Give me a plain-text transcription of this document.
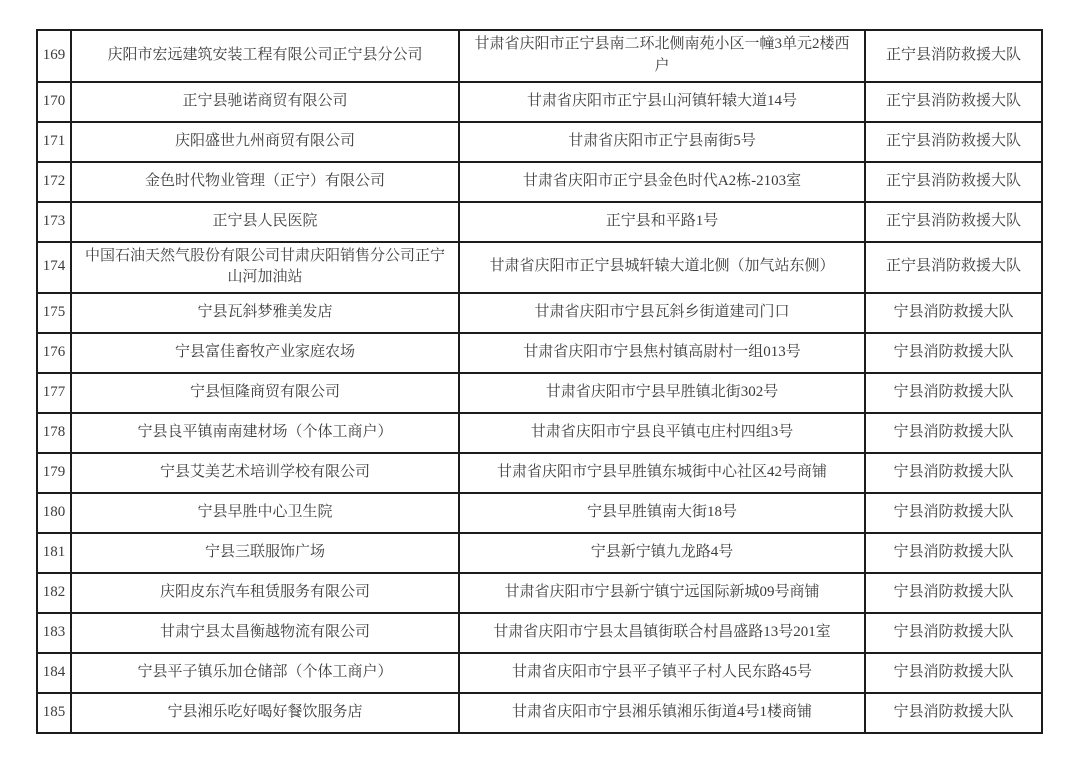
169	庆阳市宏远建筑安装工程有限公司正宁县分公司	甘肃省庆阳市正宁县南二环北侧南苑小区一幢3单元2楼西户	正宁县消防救援大队
170	正宁县驰诺商贸有限公司	甘肃省庆阳市正宁县山河镇轩辕大道14号	正宁县消防救援大队
171	庆阳盛世九州商贸有限公司	甘肃省庆阳市正宁县南街5号	正宁县消防救援大队
172	金色时代物业管理（正宁）有限公司	甘肃省庆阳市正宁县金色时代A2栋-2103室	正宁县消防救援大队
173	正宁县人民医院	正宁县和平路1号	正宁县消防救援大队
174	中国石油天然气股份有限公司甘肃庆阳销售分公司正宁山河加油站	甘肃省庆阳市正宁县城轩辕大道北侧（加气站东侧）	正宁县消防救援大队
175	宁县瓦斜梦雅美发店	甘肃省庆阳市宁县瓦斜乡街道建司门口	宁县消防救援大队
176	宁县富佳畜牧产业家庭农场	甘肃省庆阳市宁县焦村镇高尉村一组013号	宁县消防救援大队
177	宁县恒隆商贸有限公司	甘肃省庆阳市宁县早胜镇北街302号	宁县消防救援大队
178	宁县良平镇南南建材场（个体工商户）	甘肃省庆阳市宁县良平镇屯庄村四组3号	宁县消防救援大队
179	宁县艾美艺术培训学校有限公司	甘肃省庆阳市宁县早胜镇东城街中心社区42号商铺	宁县消防救援大队
180	宁县早胜中心卫生院	宁县早胜镇南大街18号	宁县消防救援大队
181	宁县三联服饰广场	宁县新宁镇九龙路4号	宁县消防救援大队
182	庆阳皮东汽车租赁服务有限公司	甘肃省庆阳市宁县新宁镇宁远国际新城09号商铺	宁县消防救援大队
183	甘肃宁县太昌衡越物流有限公司	甘肃省庆阳市宁县太昌镇街联合村昌盛路13号201室	宁县消防救援大队
184	宁县平子镇乐加仓储部（个体工商户）	甘肃省庆阳市宁县平子镇平子村人民东路45号	宁县消防救援大队
185	宁县湘乐吃好喝好餐饮服务店	甘肃省庆阳市宁县湘乐镇湘乐街道4号1楼商铺	宁县消防救援大队
